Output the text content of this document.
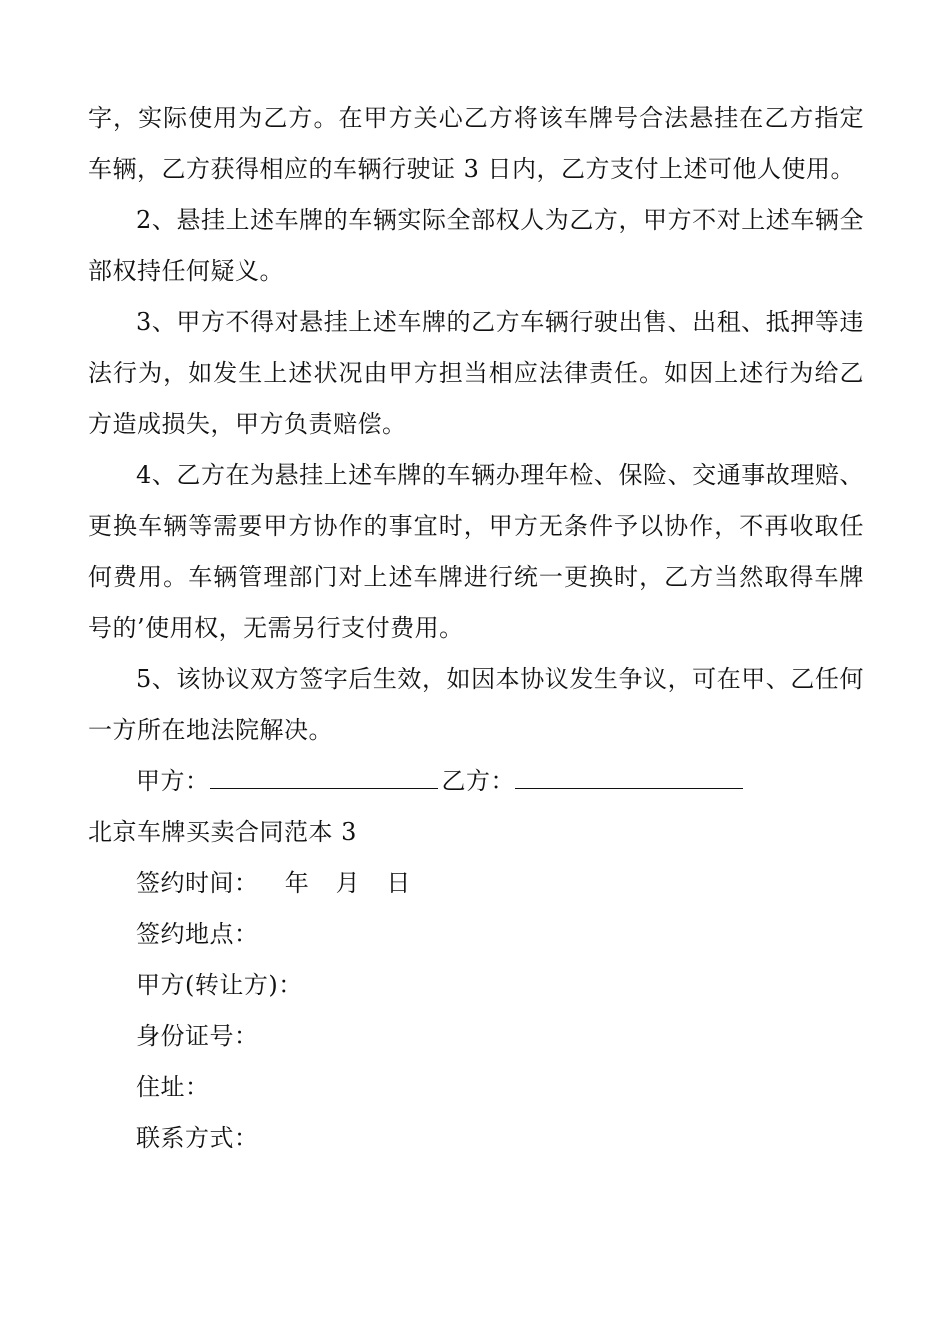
字，实际使用为乙方。在甲方关心乙方将该车牌号合法悬挂在乙方指定车辆，乙方获得相应的车辆行驶证 3 日内，乙方支付上述可他人使用。

2、悬挂上述车牌的车辆实际全部权人为乙方，甲方不对上述车辆全部权持任何疑义。

3、甲方不得对悬挂上述车牌的乙方车辆行驶出售、出租、抵押等违法行为，如发生上述状况由甲方担当相应法律责任。如因上述行为给乙方造成损失，甲方负责赔偿。

4、乙方在为悬挂上述车牌的车辆办理年检、保险、交通事故理赔、更换车辆等需要甲方协作的事宜时，甲方无条件予以协作，不再收取任何费用。车辆管理部门对上述车牌进行统一更换时，乙方当然取得车牌号的’使用权，无需另行支付费用。

5、该协议双方签字后生效，如因本协议发生争议，可在甲、乙任何一方所在地法院解决。

甲方：	乙方：
北京车牌买卖合同范本 3
签约时间： 年 月 日
签约地点：
甲方(转让方)：
身份证号：
住址：
联系方式：
